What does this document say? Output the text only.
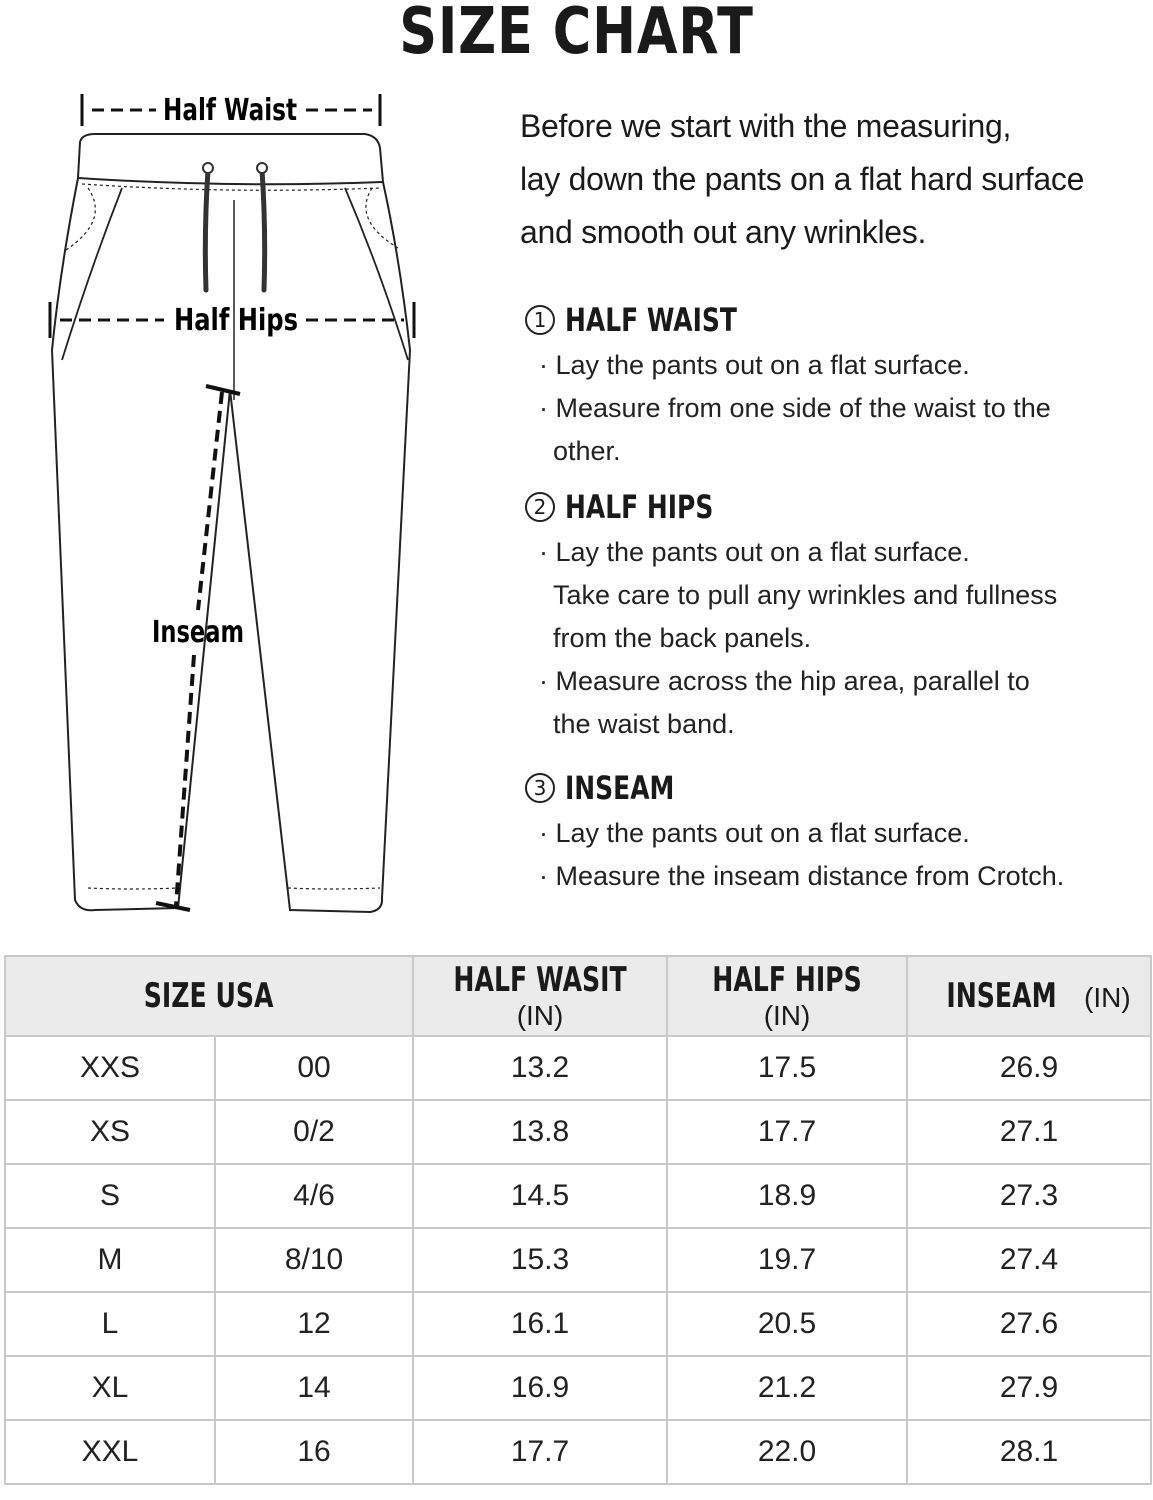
SIZE CHART
Half Waist
Half Hips
Inseam
Before we start with the measuring,
lay down the pants on a flat hard surface
and smooth out any wrinkles.
1 HALF WAIST
· Lay the pants out on a flat surface.
· Measure from one side of the waist to the
other.
2 HALF HIPS
· Lay the pants out on a flat surface.
Take care to pull any wrinkles and fullness
from the back panels.
· Measure across the hip area, parallel to
the waist band.
3 INSEAM
· Lay the pants out on a flat surface.
· Measure the inseam distance from Crotch.
SIZE USA		HALF WASIT(IN)	HALF HIPS(IN)	INSEAM (IN)
XXS	00	13.2	17.5	26.9
XS	0/2	13.8	17.7	27.1
S	4/6	14.5	18.9	27.3
M	8/10	15.3	19.7	27.4
L	12	16.1	20.5	27.6
XL	14	16.9	21.2	27.9
XXL	16	17.7	22.0	28.1
